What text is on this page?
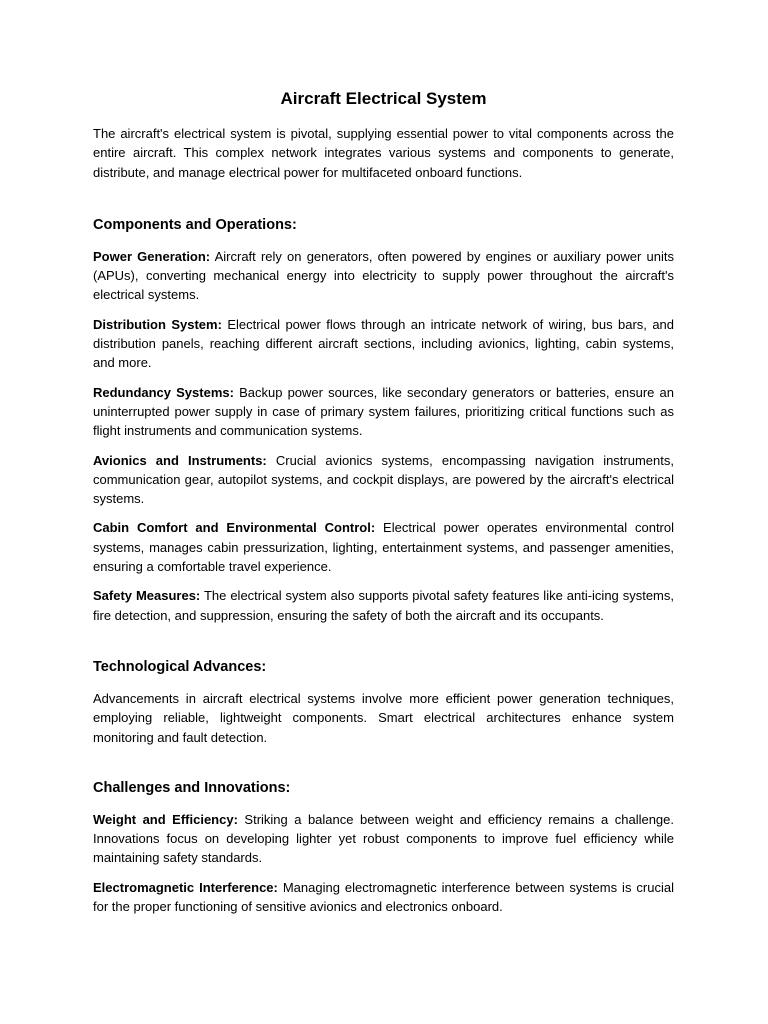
Aircraft Electrical System

The aircraft's electrical system is pivotal, supplying essential power to vital components across the entire aircraft. This complex network integrates various systems and components to generate, distribute, and manage electrical power for multifaceted onboard functions.

Components and Operations:

Power Generation: Aircraft rely on generators, often powered by engines or auxiliary power units (APUs), converting mechanical energy into electricity to supply power throughout the aircraft's electrical systems.

Distribution System: Electrical power flows through an intricate network of wiring, bus bars, and distribution panels, reaching different aircraft sections, including avionics, lighting, cabin systems, and more.

Redundancy Systems: Backup power sources, like secondary generators or batteries, ensure an uninterrupted power supply in case of primary system failures, prioritizing critical functions such as flight instruments and communication systems.

Avionics and Instruments: Crucial avionics systems, encompassing navigation instruments, communication gear, autopilot systems, and cockpit displays, are powered by the aircraft's electrical systems.

Cabin Comfort and Environmental Control: Electrical power operates environmental control systems, manages cabin pressurization, lighting, entertainment systems, and passenger amenities, ensuring a comfortable travel experience.

Safety Measures: The electrical system also supports pivotal safety features like anti-icing systems, fire detection, and suppression, ensuring the safety of both the aircraft and its occupants.

Technological Advances:

Advancements in aircraft electrical systems involve more efficient power generation techniques, employing reliable, lightweight components. Smart electrical architectures enhance system monitoring and fault detection.

Challenges and Innovations:

Weight and Efficiency: Striking a balance between weight and efficiency remains a challenge. Innovations focus on developing lighter yet robust components to improve fuel efficiency while maintaining safety standards.

Electromagnetic Interference: Managing electromagnetic interference between systems is crucial for the proper functioning of sensitive avionics and electronics onboard.
